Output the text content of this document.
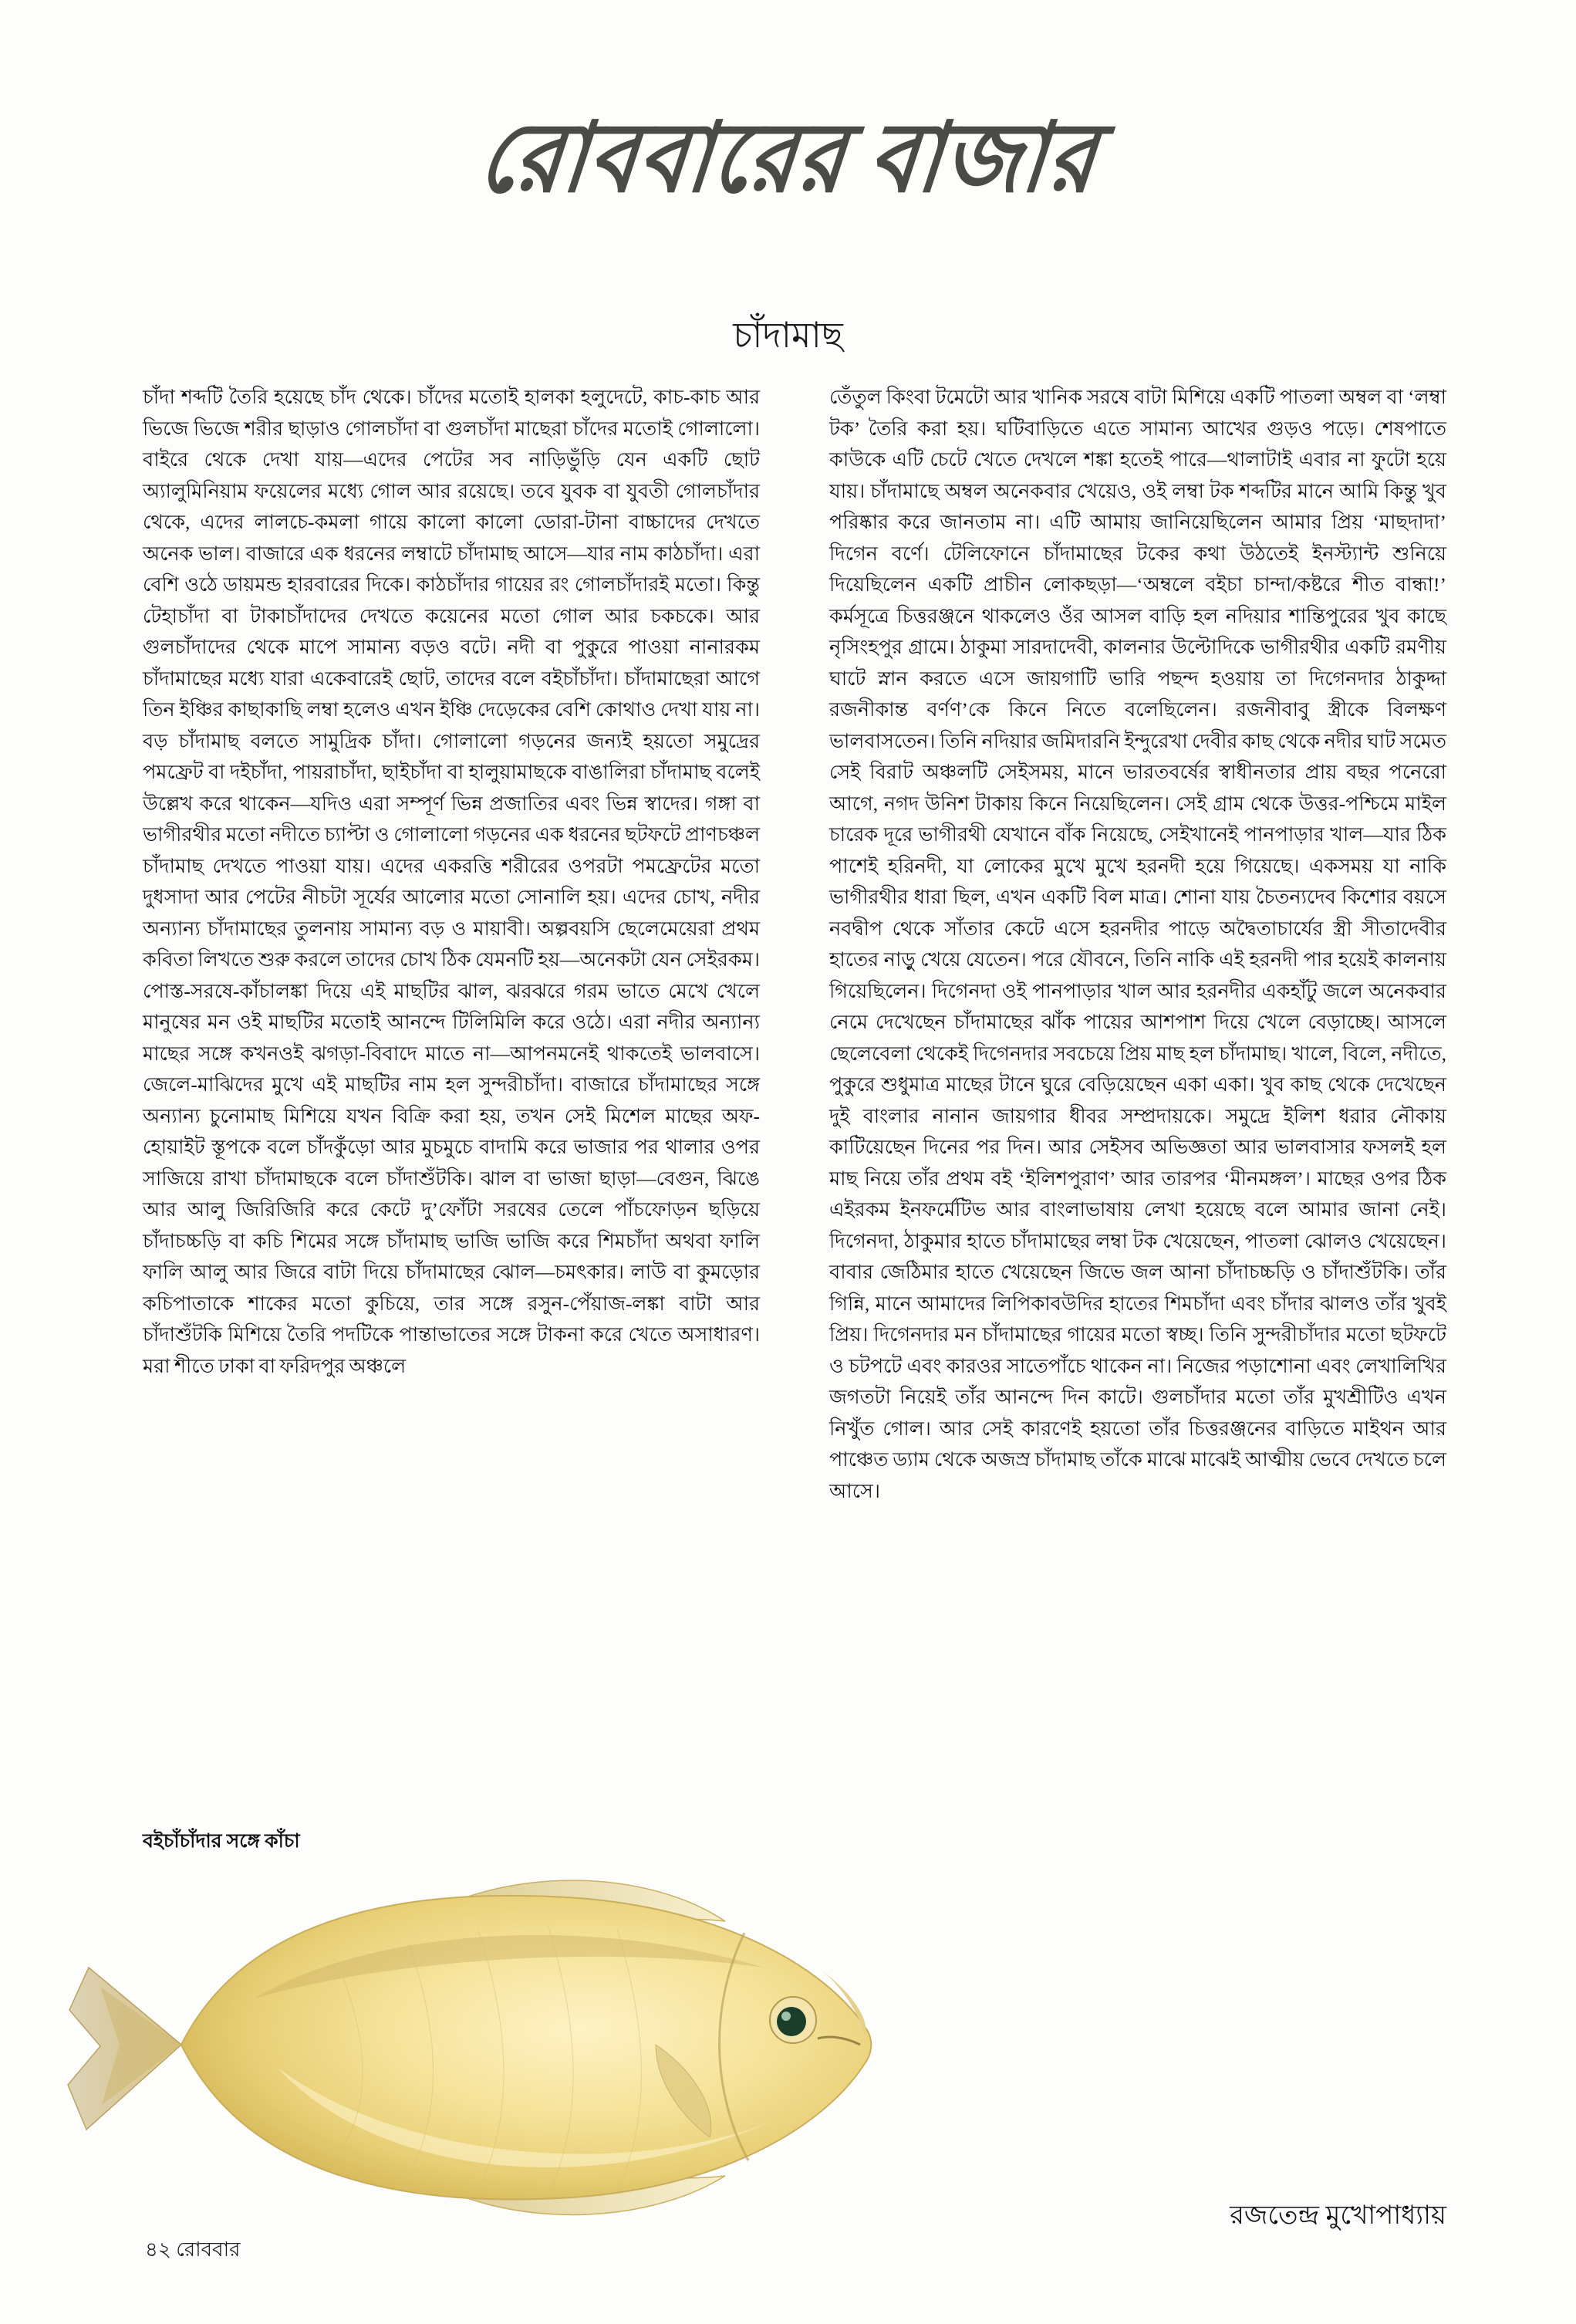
রোববারের বাজার
চাঁদামাছ

চাঁদা শব্দটি তৈরি হয়েছে চাঁদ থেকে। চাঁদের মতোই হালকা হলুদেটে, কাচ-কাচ আর ভিজে ভিজে শরীর ছাড়াও গোলচাঁদা বা গুলচাঁদা মাছেরা চাঁদের মতোই গোলালো। বাইরে থেকে দেখা যায়—এদের পেটের সব নাড়িভুঁড়ি যেন একটি ছোট অ্যালুমিনিয়াম ফয়েলের মধ্যে গোল আর রয়েছে। তবে যুবক বা যুবতী গোলচাঁদার থেকে, এদের লালচে-কমলা গায়ে কালো কালো ডোরা-টানা বাচ্চাদের দেখতে অনেক ভাল। বাজারে এক ধরনের লম্বাটে চাঁদামাছ আসে—যার নাম কাঠচাঁদা। এরা বেশি ওঠে ডায়মন্ড হারবারের দিকে। কাঠচাঁদার গায়ের রং গোলচাঁদারই মতো। কিন্তু টেহাচাঁদা বা টাকাচাঁদাদের দেখতে কয়েনের মতো গোল আর চকচকে। আর গুলচাঁদাদের থেকে মাপে সামান্য বড়ও বটে। নদী বা পুকুরে পাওয়া নানারকম চাঁদামাছের মধ্যে যারা একেবারেই ছোট, তাদের বলে বইচাঁচাঁদা। চাঁদামাছেরা আগে তিন ইঞ্চির কাছাকাছি লম্বা হলেও এখন ইঞ্চি দেড়েকের বেশি কোথাও দেখা যায় না। বড় চাঁদামাছ বলতে সামুদ্রিক চাঁদা। গোলালো গড়নের জন্যই হয়তো সমুদ্রের পমফ্রেট বা দইচাঁদা, পায়রাচাঁদা, ছাইচাঁদা বা হালুয়ামাছকে বাঙালিরা চাঁদামাছ বলেই উল্লেখ করে থাকেন—যদিও এরা সম্পূর্ণ ভিন্ন প্রজাতির এবং ভিন্ন স্বাদের। গঙ্গা বা ভাগীরথীর মতো নদীতে চ্যাপ্টা ও গোলালো গড়নের এক ধরনের ছটফটে প্রাণচঞ্চল চাঁদামাছ দেখতে পাওয়া যায়। এদের একরত্তি শরীরের ওপরটা পমফ্রেটের মতো দুধসাদা আর পেটের নীচটা সূর্যের আলোর মতো সোনালি হয়। এদের চোখ, নদীর অন্যান্য চাঁদামাছের তুলনায় সামান্য বড় ও মায়াবী। অল্পবয়সি ছেলেমেয়েরা প্রথম কবিতা লিখতে শুরু করলে তাদের চোখ ঠিক যেমনটি হয়—অনেকটা যেন সেইরকম। পোস্ত-সরষে-কাঁচালঙ্কা দিয়ে এই মাছটির ঝাল, ঝরঝরে গরম ভাতে মেখে খেলে মানুষের মন ওই মাছটির মতোই আনন্দে টিলিমিলি করে ওঠে। এরা নদীর অন্যান্য মাছের সঙ্গে কখনওই ঝগড়া-বিবাদে মাতে না—আপনমনেই থাকতেই ভালবাসে। জেলে-মাঝিদের মুখে এই মাছটির নাম হল সুন্দরীচাঁদা। বাজারে চাঁদামাছের সঙ্গে অন্যান্য চুনোমাছ মিশিয়ে যখন বিক্রি করা হয়, তখন সেই মিশেল মাছের অফ-হোয়াইট স্তূপকে বলে চাঁদকুঁড়ো আর মুচমুচে বাদামি করে ভাজার পর থালার ওপর সাজিয়ে রাখা চাঁদামাছকে বলে চাঁদাশুঁটকি। ঝাল বা ভাজা ছাড়া—বেগুন, ঝিঙে আর আলু জিরিজিরি করে কেটে দু’ফোঁটা সরষের তেলে পাঁচফোড়ন ছড়িয়ে চাঁদাচচ্চড়ি বা কচি শিমের সঙ্গে চাঁদামাছ ভাজি ভাজি করে শিমচাঁদা অথবা ফালি ফালি আলু আর জিরে বাটা দিয়ে চাঁদামাছের ঝোল—চমৎকার। লাউ বা কুমড়োর কচিপাতাকে শাকের মতো কুচিয়ে, তার সঙ্গে রসুন-পেঁয়াজ-লঙ্কা বাটা আর চাঁদাশুঁটকি মিশিয়ে তৈরি পদটিকে পান্তাভাতের সঙ্গে টাকনা করে খেতে অসাধারণ। মরা শীতে ঢাকা বা ফরিদপুর অঞ্চলে

তেঁতুল কিংবা টমেটো আর খানিক সরষে বাটা মিশিয়ে একটি পাতলা অম্বল বা ‘লম্বা টক’ তৈরি করা হয়। ঘটিবাড়িতে এতে সামান্য আখের গুড়ও পড়ে। শেষপাতে কাউকে এটি চেটে খেতে দেখলে শঙ্কা হতেই পারে—থালাটাই এবার না ফুটো হয়ে যায়। চাঁদামাছে অম্বল অনেকবার খেয়েও, ওই লম্বা টক শব্দটির মানে আমি কিন্তু খুব পরিষ্কার করে জানতাম না। এটি আমায় জানিয়েছিলেন আমার প্রিয় ‘মাছদাদা’ দিগেন বর্ণে। টেলিফোনে চাঁদামাছের টকের কথা উঠতেই ইনস্ট্যান্ট শুনিয়ে দিয়েছিলেন একটি প্রাচীন লোকছড়া—‘অম্বলে বইচা চান্দা/কষ্টরে শীত বান্ধা!’ কর্মসূত্রে চিত্তরঞ্জনে থাকলেও ওঁর আসল বাড়ি হল নদিয়ার শান্তিপুরের খুব কাছে নৃসিংহপুর গ্রামে। ঠাকুমা সারদাদেবী, কালনার উল্টোদিকে ভাগীরথীর একটি রমণীয় ঘাটে স্নান করতে এসে জায়গাটি ভারি পছন্দ হওয়ায় তা দিগেনদার ঠাকুদ্দা রজনীকান্ত বর্ণণ’কে কিনে নিতে বলেছিলেন। রজনীবাবু স্ত্রীকে বিলক্ষণ ভালবাসতেন। তিনি নদিয়ার জমিদারনি ইন্দুরেখা দেবীর কাছ থেকে নদীর ঘাট সমেত সেই বিরাট অঞ্চলটি সেইসময়, মানে ভারতবর্ষের স্বাধীনতার প্রায় বছর পনেরো আগে, নগদ উনিশ টাকায় কিনে নিয়েছিলেন। সেই গ্রাম থেকে উত্তর-পশ্চিমে মাইল চারেক দূরে ভাগীরথী যেখানে বাঁক নিয়েছে, সেইখানেই পানপাড়ার খাল—যার ঠিক পাশেই হরিনদী, যা লোকের মুখে মুখে হরনদী হয়ে গিয়েছে। একসময় যা নাকি ভাগীরথীর ধারা ছিল, এখন একটি বিল মাত্র। শোনা যায় চৈতন্যদেব কিশোর বয়সে নবদ্বীপ থেকে সাঁতার কেটে এসে হরনদীর পাড়ে অদ্বৈতাচার্যের স্ত্রী সীতাদেবীর হাতের নাড়ু খেয়ে যেতেন। পরে যৌবনে, তিনি নাকি এই হরনদী পার হয়েই কালনায় গিয়েছিলেন। দিগেনদা ওই পানপাড়ার খাল আর হরনদীর একহাঁটু জলে অনেকবার নেমে দেখেছেন চাঁদামাছের ঝাঁক পায়ের আশপাশ দিয়ে খেলে বেড়াচ্ছে। আসলে ছেলেবেলা থেকেই দিগেনদার সবচেয়ে প্রিয় মাছ হল চাঁদামাছ। খালে, বিলে, নদীতে, পুকুরে শুধুমাত্র মাছের টানে ঘুরে বেড়িয়েছেন একা একা। খুব কাছ থেকে দেখেছেন দুই বাংলার নানান জায়গার ধীবর সম্প্রদায়কে। সমুদ্রে ইলিশ ধরার নৌকায় কাটিয়েছেন দিনের পর দিন। আর সেইসব অভিজ্ঞতা আর ভালবাসার ফসলই হল মাছ নিয়ে তাঁর প্রথম বই ‘ইলিশপুরাণ’ আর তারপর ‘মীনমঙ্গল’। মাছের ওপর ঠিক এইরকম ইনফর্মেটিভ আর বাংলাভাষায় লেখা হয়েছে বলে আমার জানা নেই। দিগেনদা, ঠাকুমার হাতে চাঁদামাছের লম্বা টক খেয়েছেন, পাতলা ঝোলও খেয়েছেন। বাবার জেঠিমার হাতে খেয়েছেন জিভে জল আনা চাঁদাচচ্চড়ি ও চাঁদাশুঁটকি। তাঁর গিন্নি, মানে আমাদের লিপিকাবউদির হাতের শিমচাঁদা এবং চাঁদার ঝালও তাঁর খুবই প্রিয়। দিগেনদার মন চাঁদামাছের গায়ের মতো স্বচ্ছ। তিনি সুন্দরীচাঁদার মতো ছটফটে ও চটপটে এবং কারওর সাতেপাঁচে থাকেন না। নিজের পড়াশোনা এবং লেখালিখির জগতটা নিয়েই তাঁর আনন্দে দিন কাটে। গুলচাঁদার মতো তাঁর মুখশ্রীটিও এখন নিখুঁত গোল। আর সেই কারণেই হয়তো তাঁর চিত্তরঞ্জনের বাড়িতে মাইথন আর পাঞ্চেত ড্যাম থেকে অজস্র চাঁদামাছ তাঁকে মাঝে মাঝেই আত্মীয় ভেবে দেখতে চলে আসে।

বইচাঁচাঁদার সঙ্গে কাঁচা
রজতেন্দ্র মুখোপাধ্যায়
৪২ রোববার
